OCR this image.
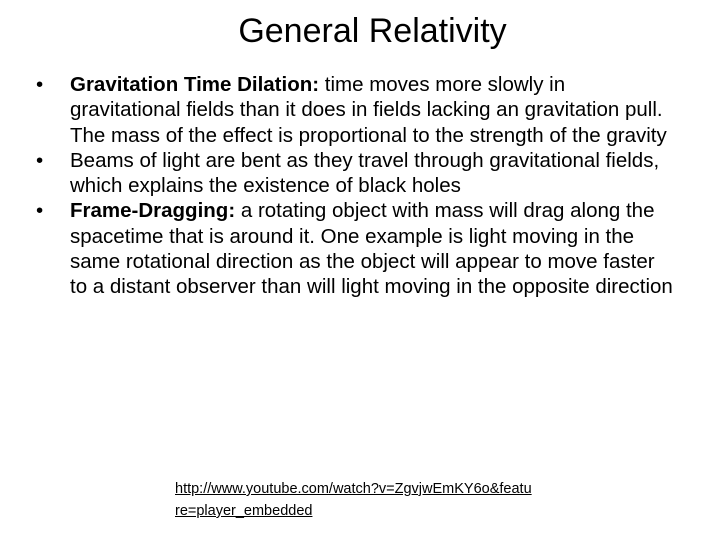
General Relativity
•	Gravitation Time Dilation: time moves more slowly in gravitational fields than it does in fields lacking an gravitation pull. The mass of the effect is proportional to the strength of the gravity
•	Beams of light are bent as they travel through gravitational fields, which explains the existence of black holes
•	Frame-Dragging: a rotating object with mass will drag along the spacetime that is around it. One example is light moving in the same rotational direction as the object will appear to move faster to a distant observer than will light moving in the opposite direction
http://www.youtube.com/watch?v=ZgvjwEmKY6o&feature=player_embedded
